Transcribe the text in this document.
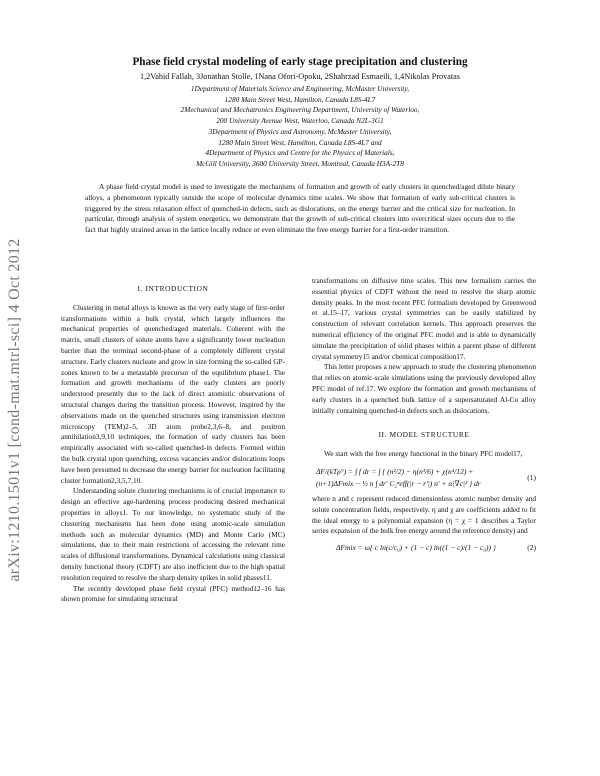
arXiv:1210.1501v1 [cond-mat.mtrl-sci] 4 Oct 2012
Phase field crystal modeling of early stage precipitation and clustering
1,2Vahid Fallah, 3Jonathan Stolle, 1Nana Ofori-Opoku, 2Shahrzad Esmaeili, 1,4Nikolas Provatas
1Department of Materials Science and Engineering, McMaster University,
1280 Main Street West, Hamilton, Canada L8S-4L7
2Mechanical and Mechatronics Engineering Department, University of Waterloo,
200 University Avenue West, Waterloo, Canada N2L-3G1
3Department of Physics and Astronomy, McMaster University,
1280 Main Street West, Hamilton, Canada L8S-4L7 and
4Department of Physics and Centre for the Physics of Materials,
McGill University, 3600 University Street, Montreal, Canada H3A-2T8
A phase field crystal model is used to investigate the mechanisms of formation and growth of early clusters in quenched/aged dilute binary alloys, a phenomenon typically outside the scope of molecular dynamics time scales. We show that formation of early sub-critical clusters is triggered by the stress relaxation effect of quenched-in defects, such as dislocations, on the energy barrier and the critical size for nucleation. In particular, through analysis of system energetics, we demonstrate that the growth of sub-critical clusters into overcritical sizes occurs due to the fact that highly strained areas in the lattice locally reduce or even eliminate the free energy barrier for a first-order transition.
I. INTRODUCTION

Clustering in metal alloys is known as the very early stage of first-order transformations within a bulk crystal, which largely influences the mechanical properties of quenched/aged materials. Coherent with the matrix, small clusters of solute atoms have a significantly lower nucleation barrier than the terminal second-phase of a completely different crystal structure. Early clusters nucleate and grow in size forming the so-called GP-zones known to be a metastable precursor of the equilibrium phase1. The formation and growth mechanisms of the early clusters are poorly understood presently due to the lack of direct atomistic observations of structural changes during the transition process. However, inspired by the observations made on the quenched structures using transmission electron microscopy (TEM)2–5, 3D atom probe2,3,6–8, and positron annihilation3,9,10 techniques, the formation of early clusters has been empirically associated with so-called quenched-in defects. Formed within the bulk crystal upon quenching, excess vacancies and/or dislocations loops have been presumed to decrease the energy barrier for nucleation facilitating cluster formation2,3,5,7,10.

Understanding solute clustering mechanisms is of crucial importance to design an effective age-hardening process producing desired mechanical properties in alloys1. To our knowledge, no systematic study of the clustering mechanisms has been done using atomic-scale simulation methods such as molecular dynamics (MD) and Monte Carlo (MC) simulations, due to their main restrictions of accessing the relevant time scales of diffusional transformations. Dynamical calculations using classical density functional theory (CDFT) are also inefficient due to the high spatial resolution required to resolve the sharp density spikes in solid phases11.

The recently developed phase field crystal (PFC) method12–16 has shown promise for simulating structural

transformations on diffusive time scales. This new formalism carries the essential physics of CDFT without the need to resolve the sharp atomic density peaks. In the most recent PFC formalism developed by Greenwood et al.15–17, various crystal symmetries can be easily stabilized by construction of relevant correlation kernels. This approach preserves the numerical efficiency of the original PFC model and is able to dynamically simulate the precipitation of solid phases within a parent phase of different crystal symmetry15 and/or chemical composition17.

This letter proposes a new approach to study the clustering phenomenon that relies on atomic-scale simulations using the previously developed alloy PFC model of ref.17. We explore the formation and growth mechanisms of early clusters in a quenched bulk lattice of a supersaturated Al-Cu alloy initially containing quenched-in defects such as dislocations.

II. MODEL STRUCTURE

We start with the free energy functional in the binary PFC model17,

ΔF/(kTρ°) = ∫ f dr = ∫ { (n²/2) − η(n³/6) + χ(n⁴/12) +
(n+1)ΔFmix − ½ n ∫ dr′ C₂ⁿeff(|r − r′|) n′ + α|∇c|² } dr
(1)

where n and c represent reduced dimensionless atomic number density and solute concentration fields, respectively. η and χ are coefficients added to fit the ideal energy to a polynomial expansion (η = χ = 1 describes a Taylor series expansion of the bulk free energy around the reference density) and

ΔFmix = ω{ c ln(c/c₀) + (1 − c) ln((1 − c)/(1 − c₀)) }	(2)
